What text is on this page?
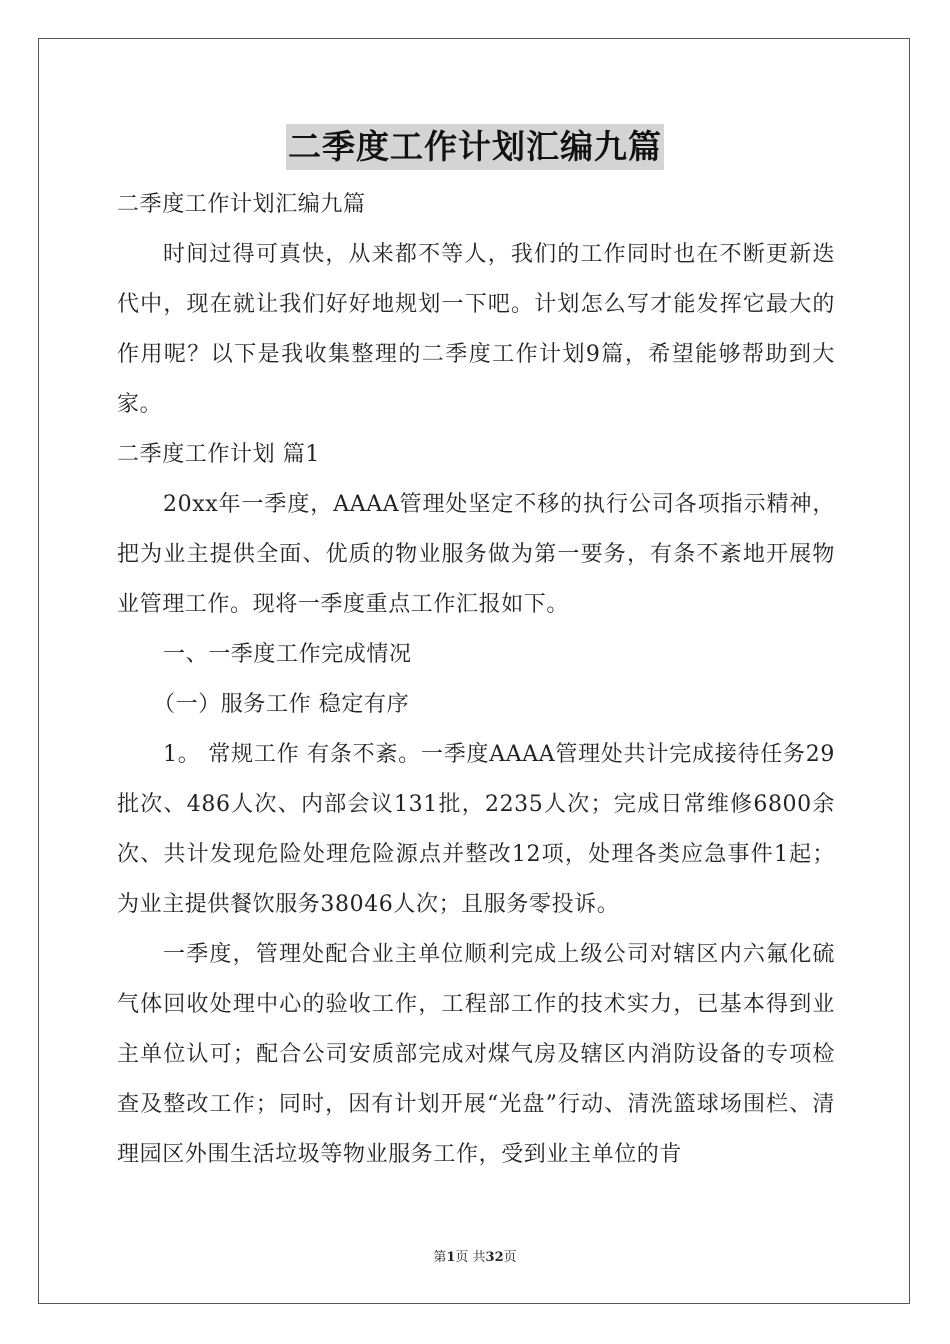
二季度工作计划汇编九篇

二季度工作计划汇编九篇

时间过得可真快，从来都不等人，我们的工作同时也在不断更新迭代中，现在就让我们好好地规划一下吧。计划怎么写才能发挥它最大的作用呢？以下是我收集整理的二季度工作计划9篇，希望能够帮助到大家。

二季度工作计划 篇1

20xx年一季度，AAAA管理处坚定不移的执行公司各项指示精神，把为业主提供全面、优质的物业服务做为第一要务，有条不紊地开展物业管理工作。现将一季度重点工作汇报如下。

一、一季度工作完成情况

（一）服务工作 稳定有序

1。 常规工作 有条不紊。一季度AAAA管理处共计完成接待任务29批次、486人次、内部会议131批，2235人次；完成日常维修6800余次、共计发现危险处理危险源点并整改12项，处理各类应急事件1起；为业主提供餐饮服务38046人次；且服务零投诉。

一季度，管理处配合业主单位顺利完成上级公司对辖区内六氟化硫气体回收处理中心的验收工作，工程部工作的技术实力，已基本得到业主单位认可；配合公司安质部完成对煤气房及辖区内消防设备的专项检查及整改工作；同时，因有计划开展“光盘”行动、清洗篮球场围栏、清理园区外围生活垃圾等物业服务工作，受到业主单位的肯

第1页 共32页
